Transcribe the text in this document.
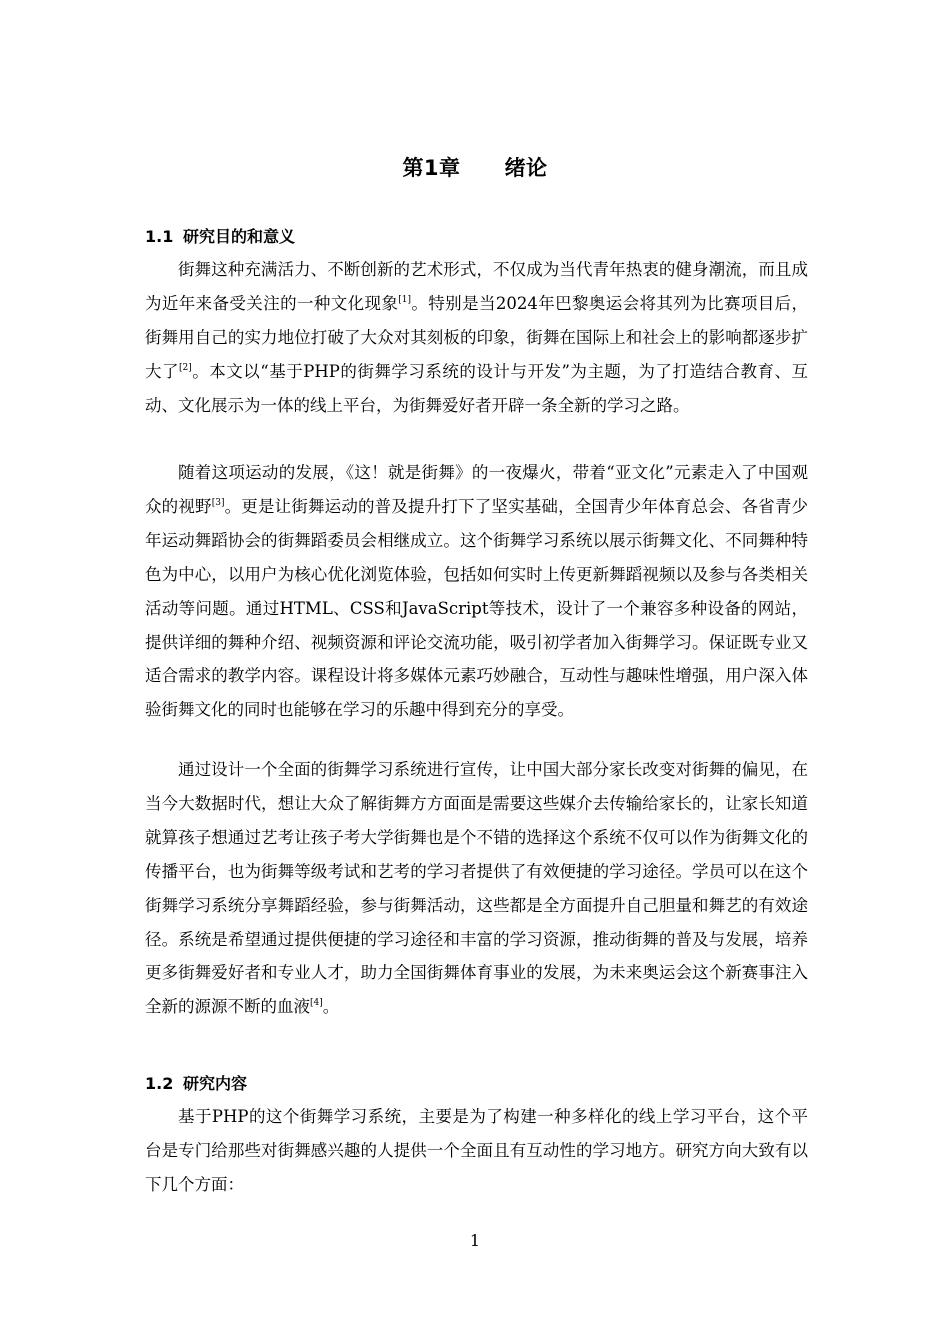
第1章 绪论
1.1 研究目的和意义

街舞这种充满活力、不断创新的艺术形式，不仅成为当代青年热衷的健身潮流，而且成为近年来备受关注的一种文化现象[1]。特别是当2024年巴黎奥运会将其列为比赛项目后，街舞用自己的实力地位打破了大众对其刻板的印象，街舞在国际上和社会上的影响都逐步扩大了[2]。本文以“基于PHP的街舞学习系统的设计与开发”为主题，为了打造结合教育、互动、文化展示为一体的线上平台，为街舞爱好者开辟一条全新的学习之路。

随着这项运动的发展，《这！就是街舞》的一夜爆火，带着“亚文化”元素走入了中国观众的视野[3]。更是让街舞运动的普及提升打下了坚实基础，全国青少年体育总会、各省青少年运动舞蹈协会的街舞蹈委员会相继成立。这个街舞学习系统以展示街舞文化、不同舞种特色为中心，以用户为核心优化浏览体验，包括如何实时上传更新舞蹈视频以及参与各类相关活动等问题。通过HTML、CSS和JavaScript等技术，设计了一个兼容多种设备的网站，提供详细的舞种介绍、视频资源和评论交流功能，吸引初学者加入街舞学习。保证既专业又适合需求的教学内容。课程设计将多媒体元素巧妙融合，互动性与趣味性增强，用户深入体验街舞文化的同时也能够在学习的乐趣中得到充分的享受。

通过设计一个全面的街舞学习系统进行宣传，让中国大部分家长改变对街舞的偏见，在当今大数据时代，想让大众了解街舞方方面面是需要这些媒介去传输给家长的，让家长知道就算孩子想通过艺考让孩子考大学街舞也是个不错的选择这个系统不仅可以作为街舞文化的传播平台，也为街舞等级考试和艺考的学习者提供了有效便捷的学习途径。学员可以在这个街舞学习系统分享舞蹈经验，参与街舞活动，这些都是全方面提升自己胆量和舞艺的有效途径。系统是希望通过提供便捷的学习途径和丰富的学习资源，推动街舞的普及与发展，培养更多街舞爱好者和专业人才，助力全国街舞体育事业的发展，为未来奥运会这个新赛事注入全新的源源不断的血液[4]。

1.2 研究内容

基于PHP的这个街舞学习系统，主要是为了构建一种多样化的线上学习平台，这个平台是专门给那些对街舞感兴趣的人提供一个全面且有互动性的学习地方。研究方向大致有以下几个方面：

1
